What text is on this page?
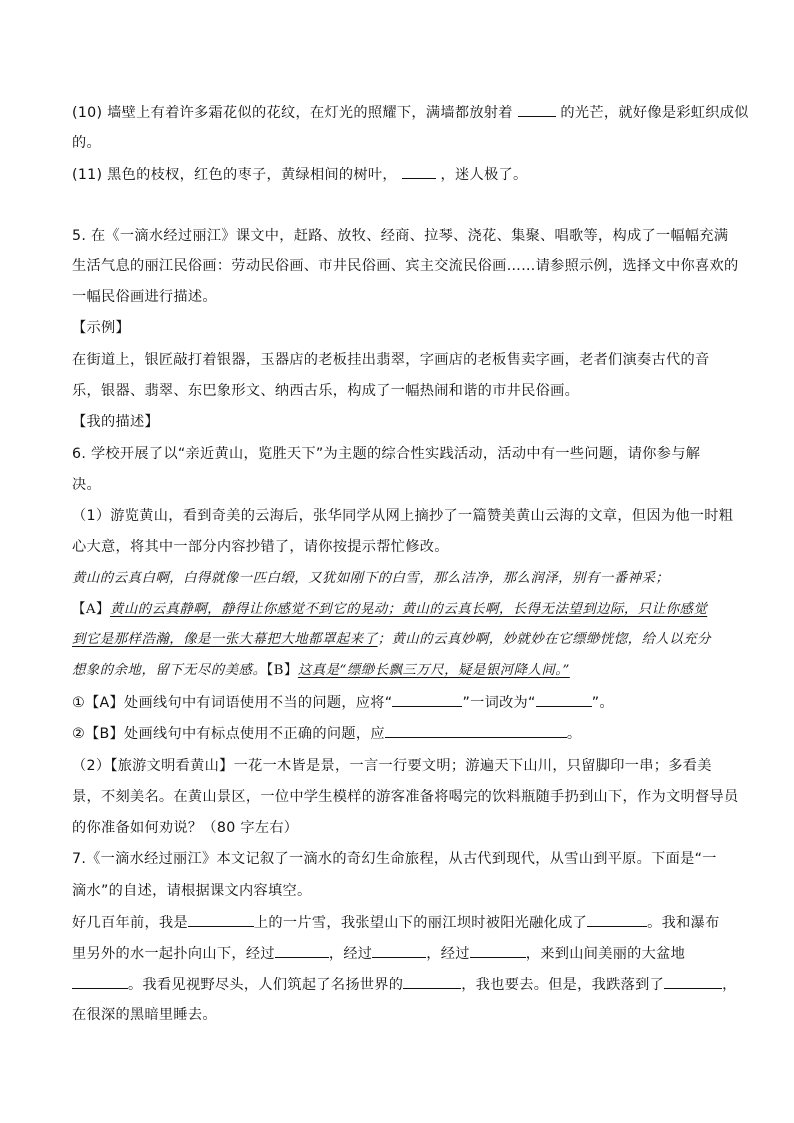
(10) 墙壁上有着许多霜花似的花纹，在灯光的照耀下，满墙都放射着	的光芒，就好像是彩虹织成似
的。
(11) 黑色的枝杈，红色的枣子，黄绿相间的树叶，	，迷人极了。
5. 在《一滴水经过丽江》课文中，赶路、放牧、经商、拉琴、浇花、集聚、唱歌等，构成了一幅幅充满
生活气息的丽江民俗画：劳动民俗画、市井民俗画、宾主交流民俗画……请参照示例，选择文中你喜欢的
一幅民俗画进行描述。
【示例】
在街道上，银匠敲打着银器，玉器店的老板挂出翡翠，字画店的老板售卖字画，老者们演奏古代的音
乐，银器、翡翠、东巴象形文、纳西古乐，构成了一幅热闹和谐的市井民俗画。
【我的描述】
6. 学校开展了以“亲近黄山，览胜天下”为主题的综合性实践活动，活动中有一些问题，请你参与解
决。
（1）游览黄山，看到奇美的云海后，张华同学从网上摘抄了一篇赞美黄山云海的文章，但因为他一时粗
心大意，将其中一部分内容抄错了，请你按提示帮忙修改。
黄山的云真白啊，白得就像一匹白缎，又犹如刚下的白雪，那么洁净，那么润泽，别有一番神采；
【A】黄山的云真静啊，静得让你感觉不到它的晃动；黄山的云真长啊，长得无法望到边际，只让你感觉
到它是那样浩瀚，像是一张大幕把大地都罩起来了；黄山的云真妙啊，妙就妙在它缥缈恍惚，给人以充分
想象的余地，留下无尽的美感。【B】这真是“缥缈长飘三万尺，疑是银河降人间。”
①【A】处画线句中有词语使用不当的问题，应将“	”一词改为“	”。
②【B】处画线句中有标点使用不正确的问题，应	。
（2）【旅游文明看黄山】一花一木皆是景，一言一行要文明；游遍天下山川，只留脚印一串；多看美
景，不刻美名。在黄山景区，一位中学生模样的游客准备将喝完的饮料瓶随手扔到山下，作为文明督导员
的你准备如何劝说？（80 字左右）
7.《一滴水经过丽江》本文记叙了一滴水的奇幻生命旅程，从古代到现代，从雪山到平原。下面是“一
滴水”的自述，请根据课文内容填空。
好几百年前，我是	上的一片雪，我张望山下的丽江坝时被阳光融化成了	。我和瀑布
里另外的水一起扑向山下，经过	，经过	，经过	，来到山间美丽的大盆地
。我看见视野尽头，人们筑起了名扬世界的	，我也要去。但是，我跌落到了	，
在很深的黑暗里睡去。
